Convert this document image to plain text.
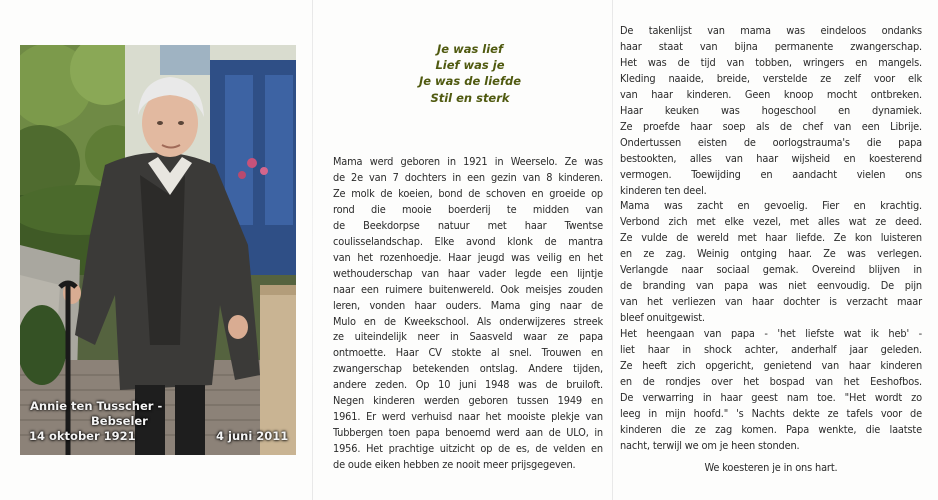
Annie ten Tusscher -
Bebseler
14 oktober 1921	4 juni 2011
Je was lief
Lief was je
Je was de liefde
Stil en sterk
Mama werd geboren in 1921 in Weerselo. Ze was
de 2e van 7 dochters in een gezin van 8 kinderen.
Ze molk de koeien, bond de schoven en groeide op
rond die mooie boerderij te midden van
de Beekdorpse natuur met haar Twentse
coulisselandschap. Elke avond klonk de mantra
van het rozenhoedje. Haar jeugd was veilig en het
wethouderschap van haar vader legde een lijntje
naar een ruimere buitenwereld. Ook meisjes zouden
leren, vonden haar ouders. Mama ging naar de
Mulo en de Kweekschool. Als onderwijzeres streek
ze uiteindelijk neer in Saasveld waar ze papa
ontmoette. Haar CV stokte al snel. Trouwen en
zwangerschap betekenden ontslag. Andere tijden,
andere zeden. Op 10 juni 1948 was de bruiloft.
Negen kinderen werden geboren tussen 1949 en
1961. Er werd verhuisd naar het mooiste plekje van
Tubbergen toen papa benoemd werd aan de ULO, in
1956. Het prachtige uitzicht op de es, de velden en
de oude eiken hebben ze nooit meer prijsgegeven.
De takenlijst van mama was eindeloos ondanks
haar staat van bijna permanente zwangerschap.
Het was de tijd van tobben, wringers en mangels.
Kleding naaide, breide, verstelde ze zelf voor elk
van haar kinderen. Geen knoop mocht ontbreken.
Haar keuken was hogeschool en dynamiek.
Ze proefde haar soep als de chef van een Librije.
Ondertussen eisten de oorlogstrauma's die papa
bestookten, alles van haar wijsheid en koesterend
vermogen. Toewijding en aandacht vielen ons
kinderen ten deel.
Mama was zacht en gevoelig. Fier en krachtig.
Verbond zich met elke vezel, met alles wat ze deed.
Ze vulde de wereld met haar liefde. Ze kon luisteren
en ze zag. Weinig ontging haar. Ze was verlegen.
Verlangde naar sociaal gemak. Overeind blijven in
de branding van papa was niet eenvoudig. De pijn
van het verliezen van haar dochter is verzacht maar
bleef onuitgewist.
Het heengaan van papa - 'het liefste wat ik heb' -
liet haar in shock achter, anderhalf jaar geleden.
Ze heeft zich opgericht, genietend van haar kinderen
en de rondjes over het bospad van het Eeshofbos.
De verwarring in haar geest nam toe. "Het wordt zo
leeg in mijn hoofd." 's Nachts dekte ze tafels voor de
kinderen die ze zag komen. Papa wenkte, die laatste
nacht, terwijl we om je heen stonden.
We koesteren je in ons hart.
